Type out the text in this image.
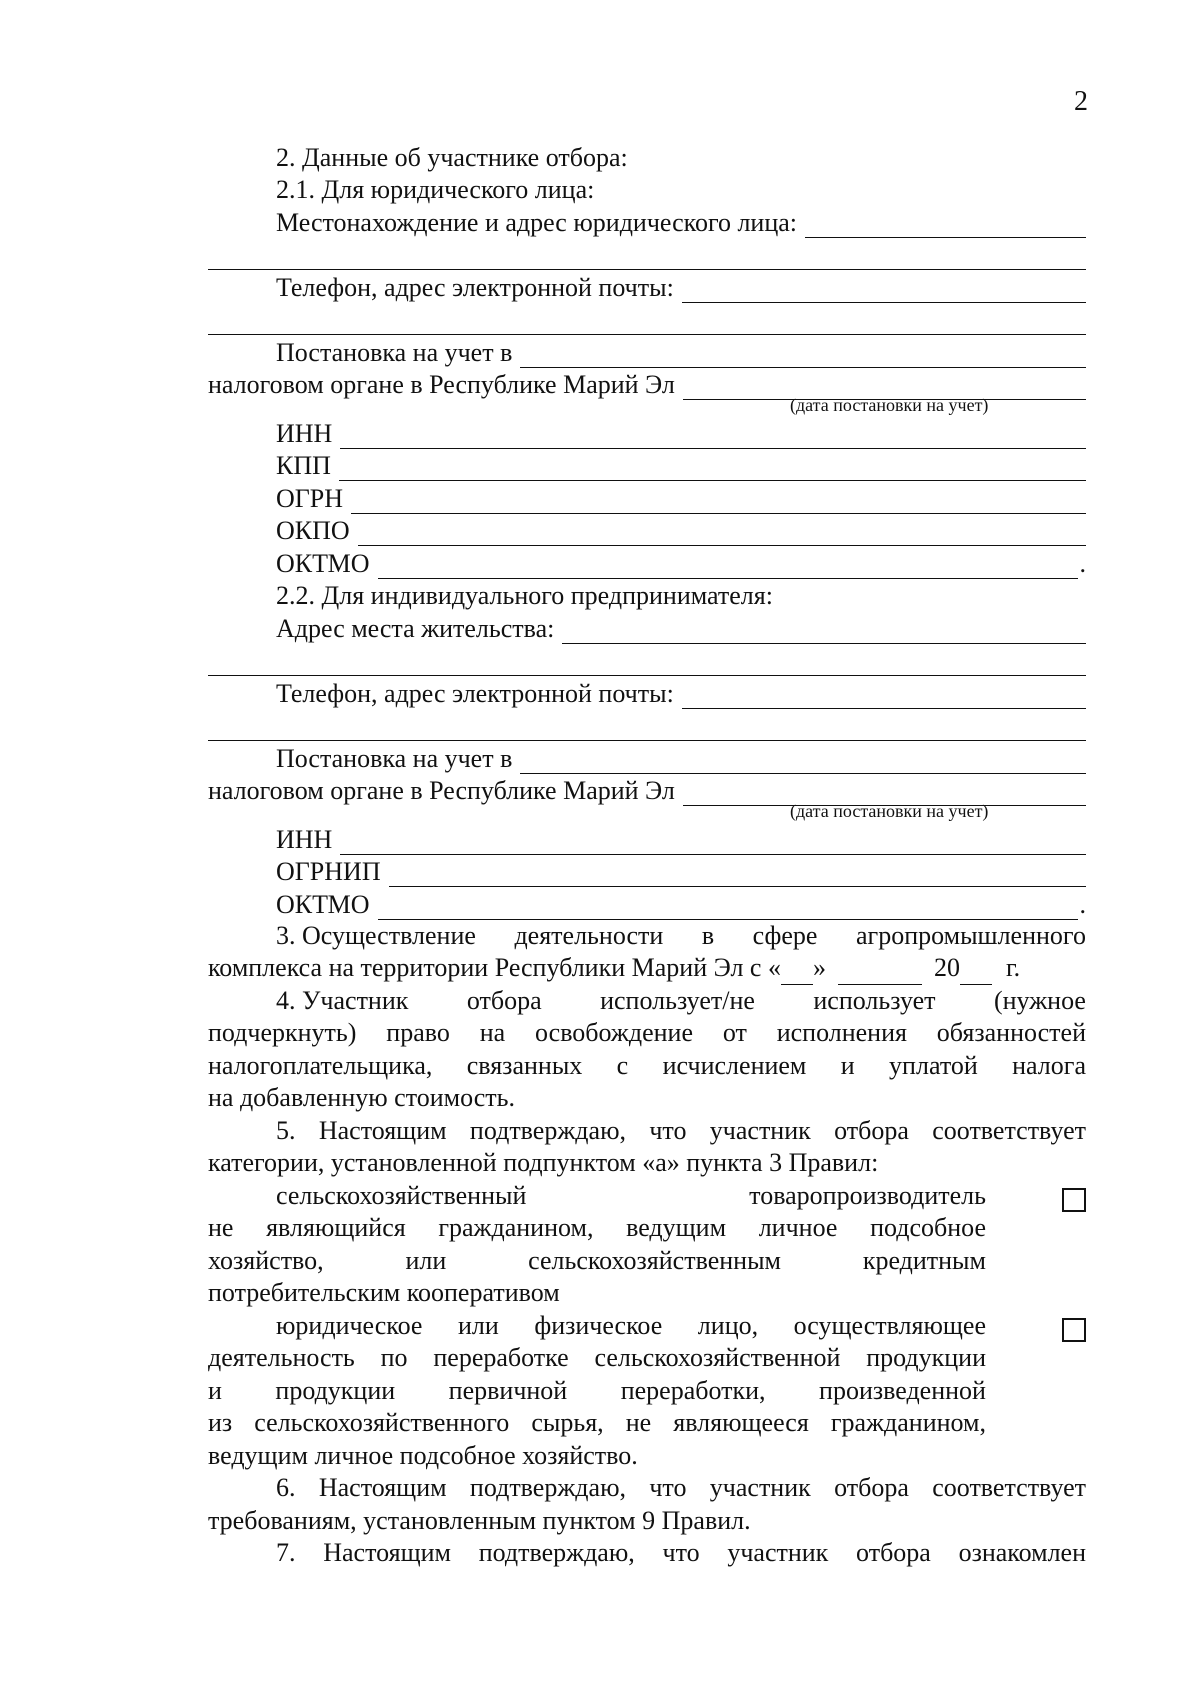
2
2. Данные об участнике отбора:
2.1. Для юридического лица:
Местонахождение и адрес юридического лица:
Телефон, адрес электронной почты:
Постановка на учет в
налоговом органе в Республике Марий Эл
(дата постановки на учет)
ИНН
КПП
ОГРН
ОКПО
ОКТМО	.
2.2. Для индивидуального предпринимателя:
Адрес места жительства:
Телефон, адрес электронной почты:
Постановка на учет в
налоговом органе в Республике Марий Эл
(дата постановки на учет)
ИНН
ОГРНИП
ОКТМО	.

3. Осуществление деятельности в сфере агропромышленного

комплекса на территории Республики Марий Эл с « »	20 г.

4. Участник отбора использует/не использует (нужное

подчеркнуть) право на освобождение от исполнения обязанностей

налогоплательщика, связанных с исчислением и уплатой налога

на добавленную стоимость.

5. Настоящим подтверждаю, что участник отбора соответствует

категории, установленной подпунктом «а» пункта 3 Правил:

сельскохозяйственный	товаропроизводитель

не являющийся гражданином, ведущим личное подсобное

хозяйство,	или	сельскохозяйственным	кредитным

потребительским кооперативом

юридическое или физическое лицо, осуществляющее

деятельность по переработке сельскохозяйственной продукции

и продукции первичной переработки, произведенной

из сельскохозяйственного сырья, не являющееся гражданином,

ведущим личное подсобное хозяйство.

6. Настоящим подтверждаю, что участник отбора соответствует

требованиям, установленным пунктом 9 Правил.

7. Настоящим подтверждаю, что участник отбора ознакомлен
